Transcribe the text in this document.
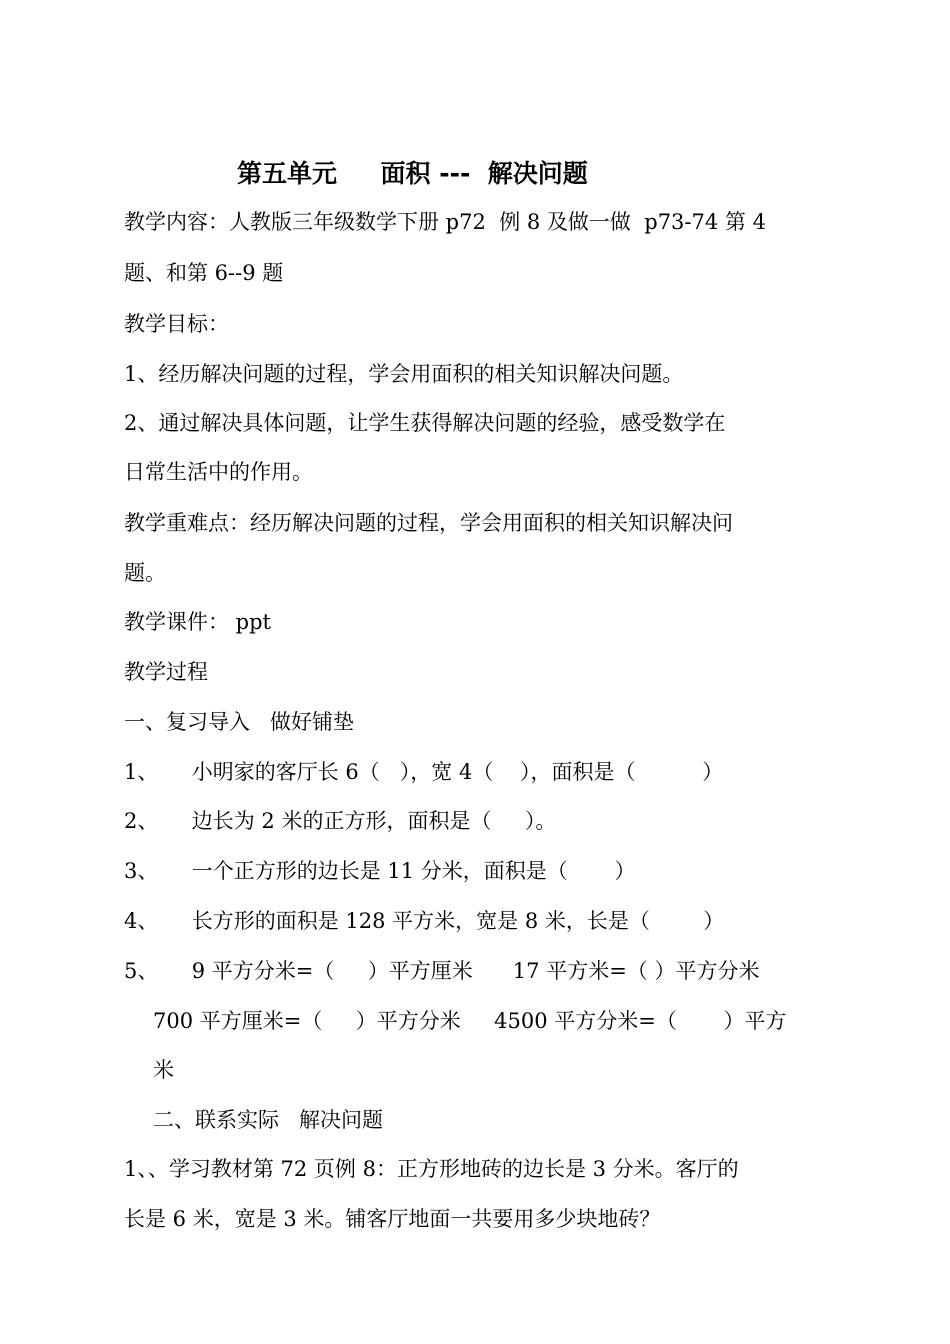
第五单元     面积 ---  解决问题

教学内容：人教版三年级数学下册 p72  例 8 及做一做  p73-74 第 4

题、和第 6--9 题

教学目标：

1、经历解决问题的过程，学会用面积的相关知识解决问题。

2、通过解决具体问题，让学生获得解决问题的经验，感受数学在

日常生活中的作用。

教学重难点：经历解决问题的过程，学会用面积的相关知识解决问

题。

教学课件： ppt

教学过程

一、复习导入   做好铺垫

1、     小明家的客厅长 6（   ），宽 4（    ），面积是（          ）

2、     边长为 2 米的正方形，面积是（     ）。

3、     一个正方形的边长是 11 分米，面积是（       ）

4、     长方形的面积是 128 平方米，宽是 8 米，长是（        ）

5、     9 平方分米=（     ）平方厘米      17 平方米=（ ）平方分米

700 平方厘米=（     ）平方分米     4500 平方分米=（       ）平方

米

二、联系实际   解决问题

1、、学习教材第 72 页例 8：正方形地砖的边长是 3 分米。客厅的

长是 6 米，宽是 3 米。铺客厅地面一共要用多少块地砖？
